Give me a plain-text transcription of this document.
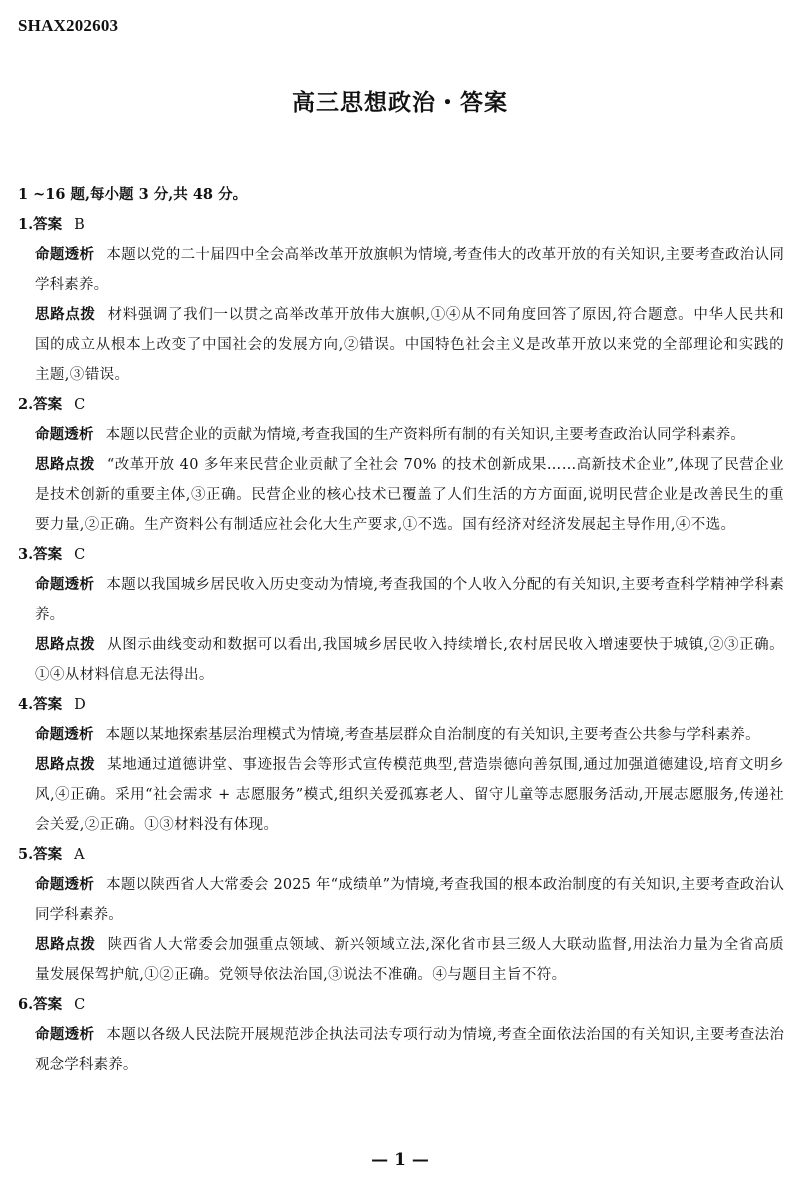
SHAX202603
高三思想政治・答案

1 ~16 题,每小题 3 分,共 48 分。

1.答案 B

命题透析 本题以党的二十届四中全会高举改革开放旗帜为情境,考查伟大的改革开放的有关知识,主要考查政治认同学科素养。

思路点拨 材料强调了我们一以贯之高举改革开放伟大旗帜,①④从不同角度回答了原因,符合题意。中华人民共和国的成立从根本上改变了中国社会的发展方向,②错误。中国特色社会主义是改革开放以来党的全部理论和实践的主题,③错误。

2.答案 C

命题透析 本题以民营企业的贡献为情境,考查我国的生产资料所有制的有关知识,主要考查政治认同学科素养。

思路点拨 “改革开放 40 多年来民营企业贡献了全社会 70% 的技术创新成果……高新技术企业”,体现了民营企业是技术创新的重要主体,③正确。民营企业的核心技术已覆盖了人们生活的方方面面,说明民营企业是改善民生的重要力量,②正确。生产资料公有制适应社会化大生产要求,①不选。国有经济对经济发展起主导作用,④不选。

3.答案 C

命题透析 本题以我国城乡居民收入历史变动为情境,考查我国的个人收入分配的有关知识,主要考查科学精神学科素养。

思路点拨 从图示曲线变动和数据可以看出,我国城乡居民收入持续增长,农村居民收入增速要快于城镇,②③正确。①④从材料信息无法得出。

4.答案 D

命题透析 本题以某地探索基层治理模式为情境,考查基层群众自治制度的有关知识,主要考查公共参与学科素养。

思路点拨 某地通过道德讲堂、事迹报告会等形式宣传模范典型,营造崇德向善氛围,通过加强道德建设,培育文明乡风,④正确。采用“社会需求 + 志愿服务”模式,组织关爱孤寡老人、留守儿童等志愿服务活动,开展志愿服务,传递社会关爱,②正确。①③材料没有体现。

5.答案 A

命题透析 本题以陕西省人大常委会 2025 年“成绩单”为情境,考查我国的根本政治制度的有关知识,主要考查政治认同学科素养。

思路点拨 陕西省人大常委会加强重点领域、新兴领域立法,深化省市县三级人大联动监督,用法治力量为全省高质量发展保驾护航,①②正确。党领导依法治国,③说法不准确。④与题目主旨不符。

6.答案 C

命题透析 本题以各级人民法院开展规范涉企执法司法专项行动为情境,考查全面依法治国的有关知识,主要考查法治观念学科素养。

— 1 —
